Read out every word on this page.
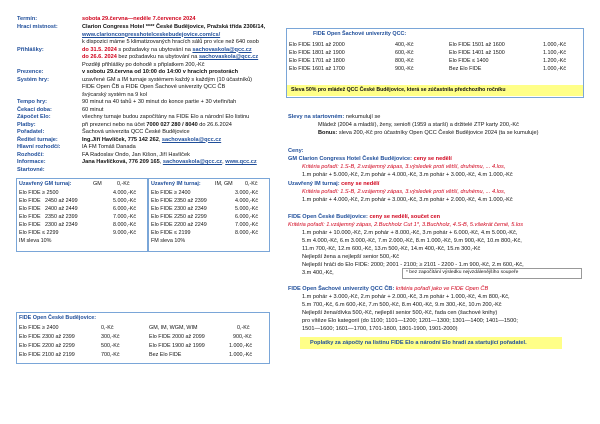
Termín:	sobota 29.června—neděle 7.července 2024
Hrací místnost:	Clarion Congress Hotel **** České Budějovice, Pražská třída 2306/14,
www.clarioncongresshotelceskebudejovice.com/cs/
k dispozici máme 5 klimatizovaných hracích sálů pro více než 640 osob
Přihlášky:	do 31.5. 2024 s požadavky na ubytování na sachovaskola@qcc.cz
do 26.6. 2024 bez požadavku na ubytování na sachovaskola@qcc.cz
Později přihlášky po dohodě s připlatkem 200,-Kč
Prezence:	v sobotu 29.června od 10:00 do 14:00 v hracích prostorách
Systém hry:	uzavřené GM a IM turnaje systémem každý s každým (10 účastníků)
FIDE Open ČB a FIDE Open Šachové univerzity QCC ČB
švýcarský systém na 9 kol
Tempo hry:	90 minut na 40 tahů + 30 minut do konce partie + 30 vteřin/tah
Čekací doba:	60 minut
Zápočet Elo:	všechny turnaje budou započítány na FIDE Elo a národní Elo listinu
Platby:	při prezenci nebo na účet 7000 027 280 / 8040 do 26.6.2024
Pořadatel:	Šachová univerzita QCC České Budějovice
Ředitel turnaje:	Ing.Jiří Havlíček, 775 142 262, sachovaskola@qcc.cz
Hlavní rozhodčí:	IA FM Tomáš Danada
Rozhodčí:	FA Radoslav Ondo, Jan Kišon, Jiří Havlíček
Informace:	Jana Havlíčková, 776 209 165, sachovaskola@qcc.cz, www.qcc.cz
Startovné:
Uzavřený GM turnaj:	GM	0,-Kč
Elo FIDE ≥ 2500	4.000,-Kč
Elo FIDE 2450 až 2499	5.000,-Kč
Elo FIDE 2400 až 2449	6.000,-Kč
Elo FIDE 2350 až 2399	7.000,-Kč
Elo FIDE 2300 až 2349	8.000,-Kč
Elo FIDE ≤ 2299	9.000,-Kč
IM sleva 10%
Uzavřený IM turnaj:	IM, GM 0,-Kč
Elo FIDE ≥ 2400	3.000,-Kč
Elo FIDE 2350 až 2399	4.000,-Kč
Elo FIDE 2300 až 2349	5.000,-Kč
Elo FIDE 2250 až 2299	6.000,-Kč
Elo FIDE 2200 až 2249	7.000,-Kč
Elo FIDE ≤ 2199	8.000,-Kč
FM sleva 10%
FIDE Open České Budějovice:
Elo FIDE ≥ 2400	0,-Kč	GM, IM, WGM, WIM	0,-Kč
Elo FIDE 2300 až 2399	300,-Kč	Elo FIDE 2000 až 2099	900,-Kč
Elo FIDE 2200 až 2299	500,-Kč	Elo FIDE 1900 až 1999	1.000,-Kč
Elo FIDE 2100 až 2199	700,-Kč	Bez Elo FIDE	1.000,-Kč
FIDE Open Šachové univerzity QCC:
Elo FIDE 1901 až 2000	400,-Kč	Elo FIDE 1501 až 1600	1.000,-Kč
Elo FIDE 1801 až 1900	600,-Kč	Elo FIDE 1401 až 1500	1.100,-Kč
Elo FIDE 1701 až 1800	800,-Kč	Elo FIDE ≤ 1400	1.200,-Kč
Elo FIDE 1601 až 1700	900,-Kč	Bez Elo FIDE	1.000,-Kč
Sleva 50% pro mládež QCC České Budějovice, která se zúčastnila předchozího ročníku
Slevy na startovném: nekumulují se
Mládež (2004 a mladší), ženy, senioři (1959 a starší) a držitelé ZTP karty 200,-Kč
Bonus: sleva 200,-Kč pro účastníky Open QCC České Budějovice 2024 (ta se kumuluje)
Ceny:
GM Clarion Congress Hotel České Budějovice: ceny se nedělí
Kritéria pořadí: 1.S-B, 2.vzájemný zápas, 3.výsledek proti větší, druhému, ... 4.los,
1.m pohár + 5.000,-Kč, 2.m pohár + 4.000,-Kč, 3.m pohár + 3.000,-Kč, 4.m 1.000,-Kč
Uzavřený IM turnaj: ceny se nedělí
Kritéria pořadí: 1.S-B, 2.vzájemný zápas, 3.výsledek proti větší, druhému, ... 4.los,
1.m pohár + 4.000,-Kč, 2.m pohár + 3.000,-Kč, 3.m pohár + 2.000,-Kč, 4.m 1.000,-Kč
FIDE Open České Budějovice: ceny se nedělí, součet cen
Kritéria pořadí: 1.vzájemný zápas, 2.Buchholz Cut 1*, 3.Buchholz, 4.S-B, 5.všekrát černé, 5.los
1.m pohár + 10.000,-Kč, 2.m pohár + 8.000,-Kč, 3.m pohár + 6.000,-Kč, 4.m 5.000,-Kč,
5.m 4.000,-Kč, 6.m 3.000,-Kč, 7.m 2.000,-Kč, 8.m 1.000,-Kč, 9.m 900,-Kč, 10.m 800,-Kč,
11.m 700,-Kč, 12.m 600,-Kč, 13.m 500,-Kč, 14.m 400,-Kč, 15.m 300,-Kč
Nejlepší žena a nejlepší senior 500,-Kč
Nejlepší hráči do Elo FIDE: 2000; 2001 - 2100; ≥ 2101 - 2200 - 1.m 900,-Kč, 2.m 600,-Kč,
3.m 400,-Kč,	* bez započítání výsledku nejvzdálenějšího soupeře
FIDE Open Šachové univerzity QCC ČB: kritéria pořadí jako ve FIDE Open ČB
1.m pohár + 3.000,-Kč, 2.m pohár + 2.000,-Kč, 3.m pohár + 1.000,-Kč, 4.m 800,-Kč,
5.m 700,-Kč, 6.m 600,-Kč, 7.m 500,-Kč, 8.m 400,-Kč, 9.m 300,-Kč, 10.m 200,-Kč
Nejlepší žena/dívka 500,-Kč, nejlepší senior 500,-Kč, řada cen (šachové knihy)
pro vítěze Elo kategorií (do 1100; 1101—1200; 1201—1300; 1301—1400; 1401—1500;
1501—1600; 1601—1700, 1701-1800, 1801-1900, 1901-2000)
Poplatky za zápočty na listinu FIDE Elo a národní Elo hradí za startující pořadatel.
